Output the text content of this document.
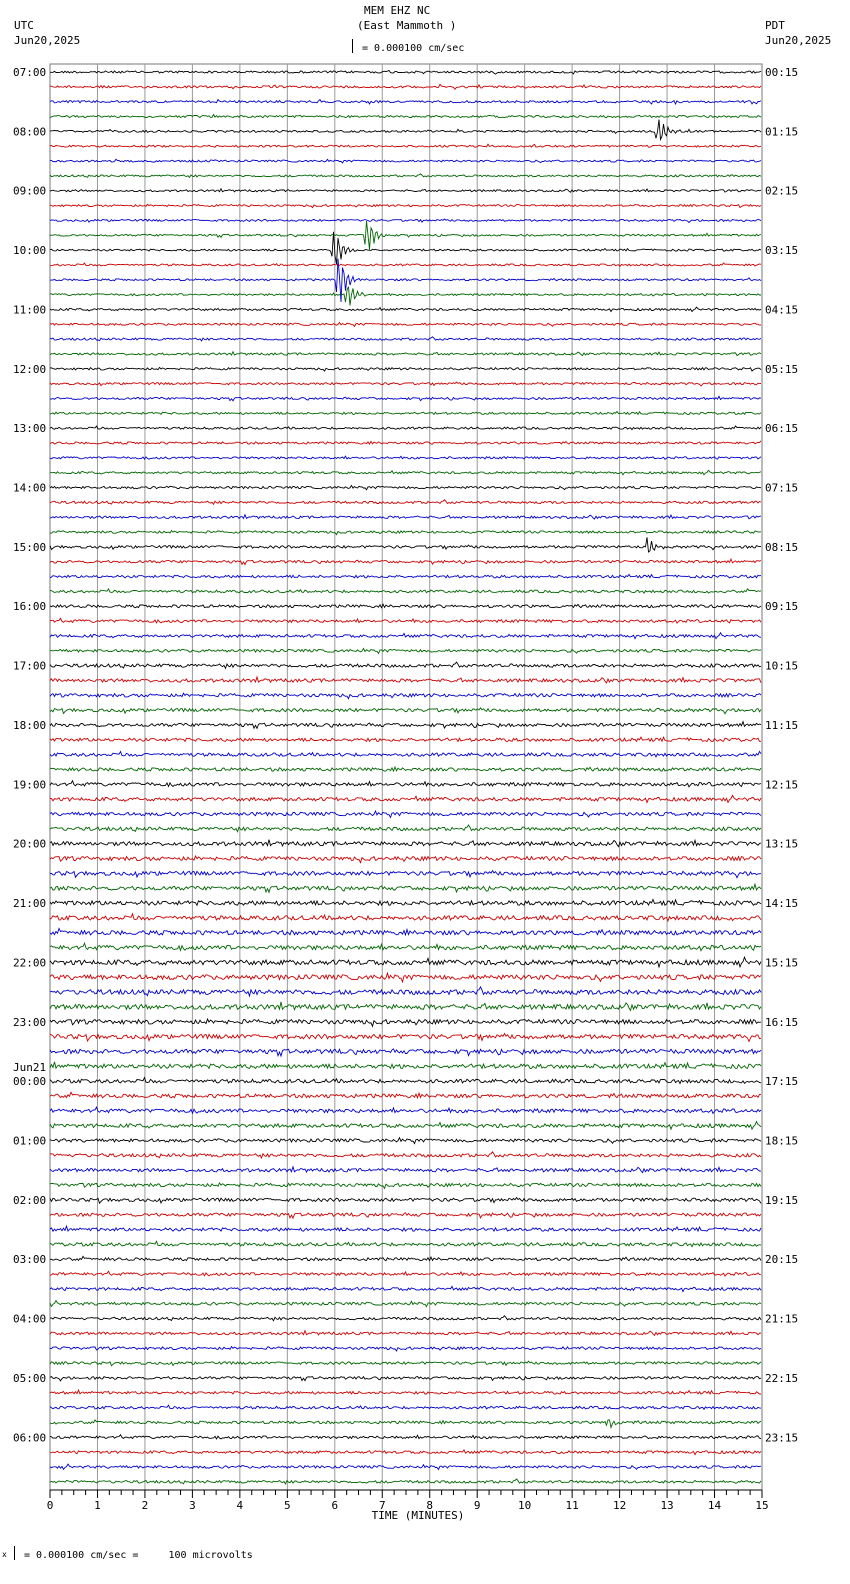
MEM EHZ NC
(East Mammoth )
= 0.000100 cm/sec
UTC
Jun20,2025
PDT
Jun20,2025
0	1	2	3	4	5	6	7	8	9	10	11	12	13	14	15
07:00
08:00
09:00
10:00
11:00
12:00
13:00
14:00
15:00
16:00
17:00
18:00
19:00
20:00
21:00
22:00
23:00
00:00
01:00
02:00
03:00
04:00
05:00
06:00
00:15
01:15
02:15
03:15
04:15
05:15
06:15
07:15
08:15
09:15
10:15
11:15
12:15
13:15
14:15
15:15
16:15
17:15
18:15
19:15
20:15
21:15
22:15
23:15
Jun21
TIME (MINUTES)
x = 0.000100 cm/sec =     100 microvolts
